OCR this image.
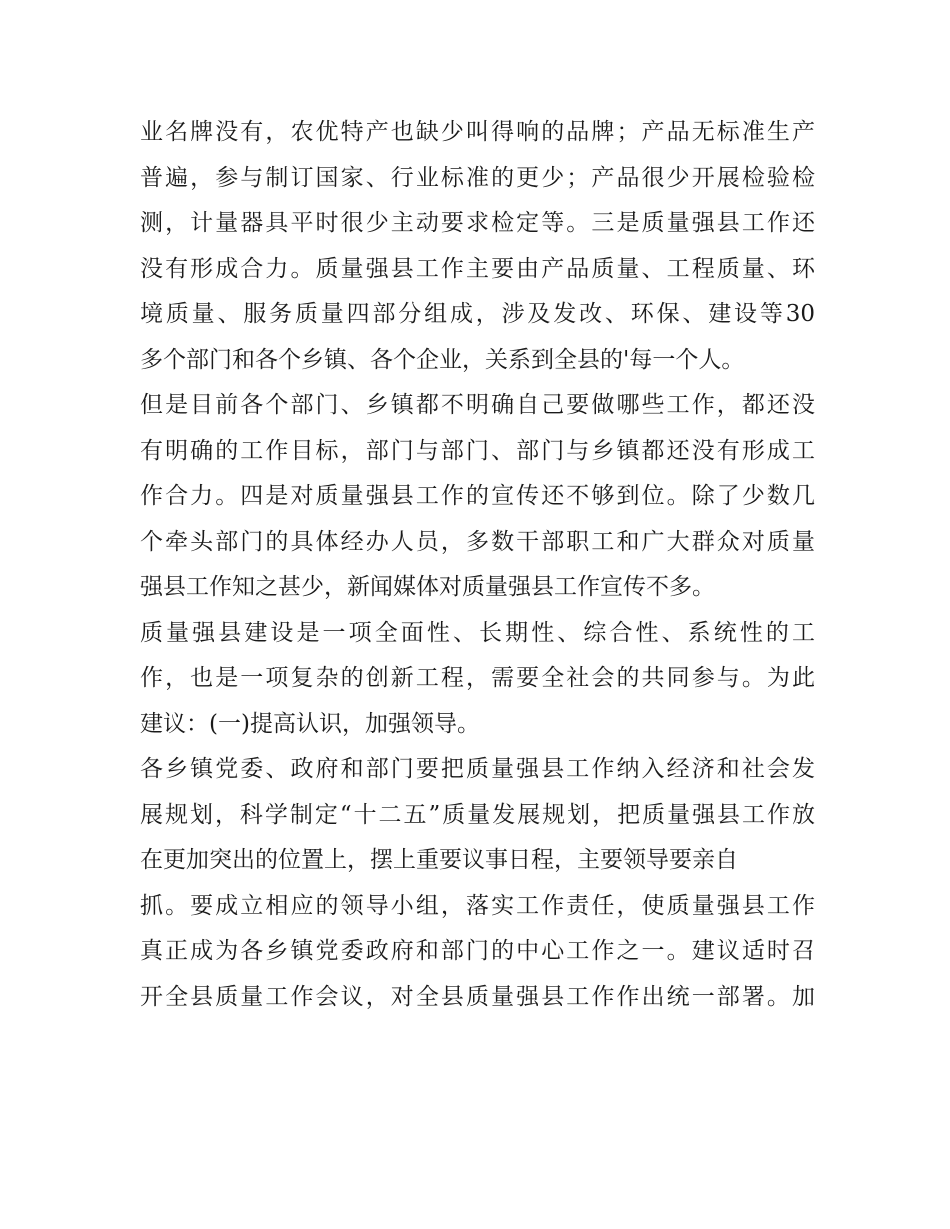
业名牌没有，农优特产也缺少叫得响的品牌；产品无标准生产
普遍，参与制订国家、行业标准的更少；产品很少开展检验检
测，计量器具平时很少主动要求检定等。三是质量强县工作还
没有形成合力。质量强县工作主要由产品质量、工程质量、环
境质量、服务质量四部分组成，涉及发改、环保、建设等30
多个部门和各个乡镇、各个企业，关系到全县的'每一个人。
但是目前各个部门、乡镇都不明确自己要做哪些工作，都还没
有明确的工作目标，部门与部门、部门与乡镇都还没有形成工
作合力。四是对质量强县工作的宣传还不够到位。除了少数几
个牵头部门的具体经办人员，多数干部职工和广大群众对质量
强县工作知之甚少，新闻媒体对质量强县工作宣传不多。
质量强县建设是一项全面性、长期性、综合性、系统性的工
作，也是一项复杂的创新工程，需要全社会的共同参与。为此
建议：(一)提高认识，加强领导。
各乡镇党委、政府和部门要把质量强县工作纳入经济和社会发
展规划，科学制定“十二五”质量发展规划，把质量强县工作放
在更加突出的位置上，摆上重要议事日程，主要领导要亲自
抓。要成立相应的领导小组，落实工作责任，使质量强县工作
真正成为各乡镇党委政府和部门的中心工作之一。建议适时召
开全县质量工作会议，对全县质量强县工作作出统一部署。加
